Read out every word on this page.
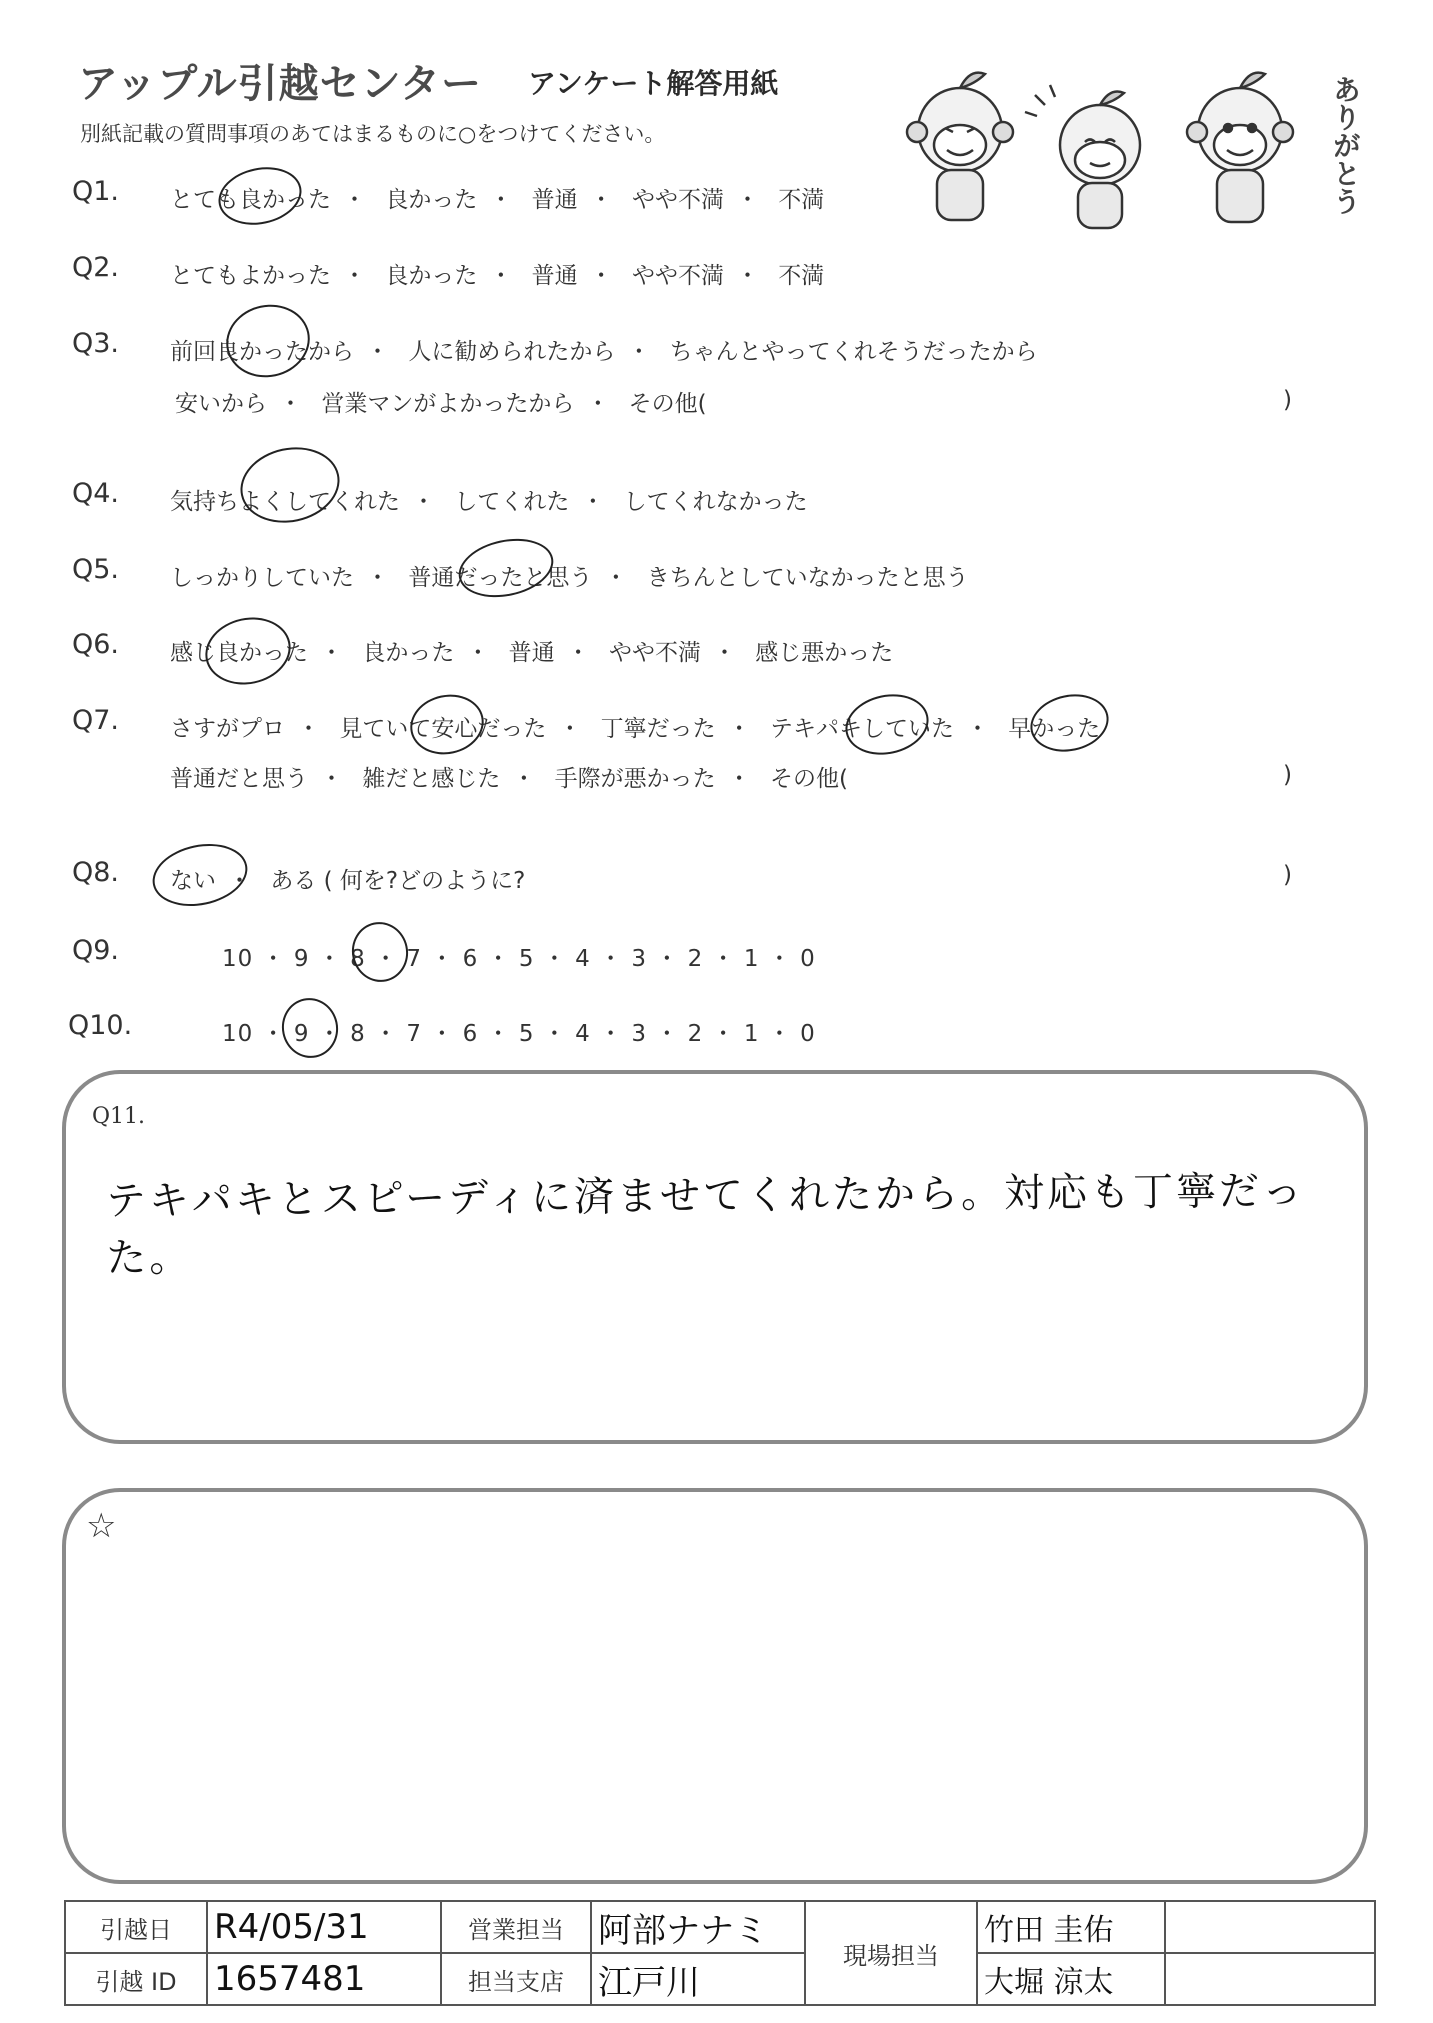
アップル引越センター アンケート解答用紙
別紙記載の質問事項のあてはまるものに○をつけてください。	ありがとう
Q1. とても良かった ・ 良かった ・ 普通 ・ やや不満 ・ 不満
Q2. とてもよかった ・ 良かった ・ 普通 ・ やや不満 ・ 不満
Q3. 前回良かったから ・ 人に勧められたから ・ ちゃんとやってくれそうだったから
安いから ・ 営業マンがよかったから ・ その他(	)
Q4. 気持ちよくしてくれた ・ してくれた ・ してくれなかった
Q5. しっかりしていた ・ 普通だったと思う ・ きちんとしていなかったと思う
Q6. 感じ良かった ・ 良かった ・ 普通 ・ やや不満 ・ 感じ悪かった
Q7. さすがプロ ・ 見ていて安心だった ・ 丁寧だった ・ テキパキしていた ・ 早かった
普通だと思う ・ 雑だと感じた ・ 手際が悪かった ・ その他(	)
Q8. ない ・ ある ( 何を?どのように?	)
Q9.	10 ・ 9 ・ 8 ・ 7 ・ 6 ・ 5 ・ 4 ・ 3 ・ 2 ・ 1 ・ 0
Q10.	10 ・ 9 ・ 8 ・ 7 ・ 6 ・ 5 ・ 4 ・ 3 ・ 2 ・ 1 ・ 0
Q11.
テキパキとスピーディに済ませてくれたから。対応も丁寧だった。
☆
引越日	R4/05/31	営業担当	阿部ナナミ	現場担当	竹田 圭佑	
引越 ID	1657481	担当支店	江戸川		大堀 涼太	
